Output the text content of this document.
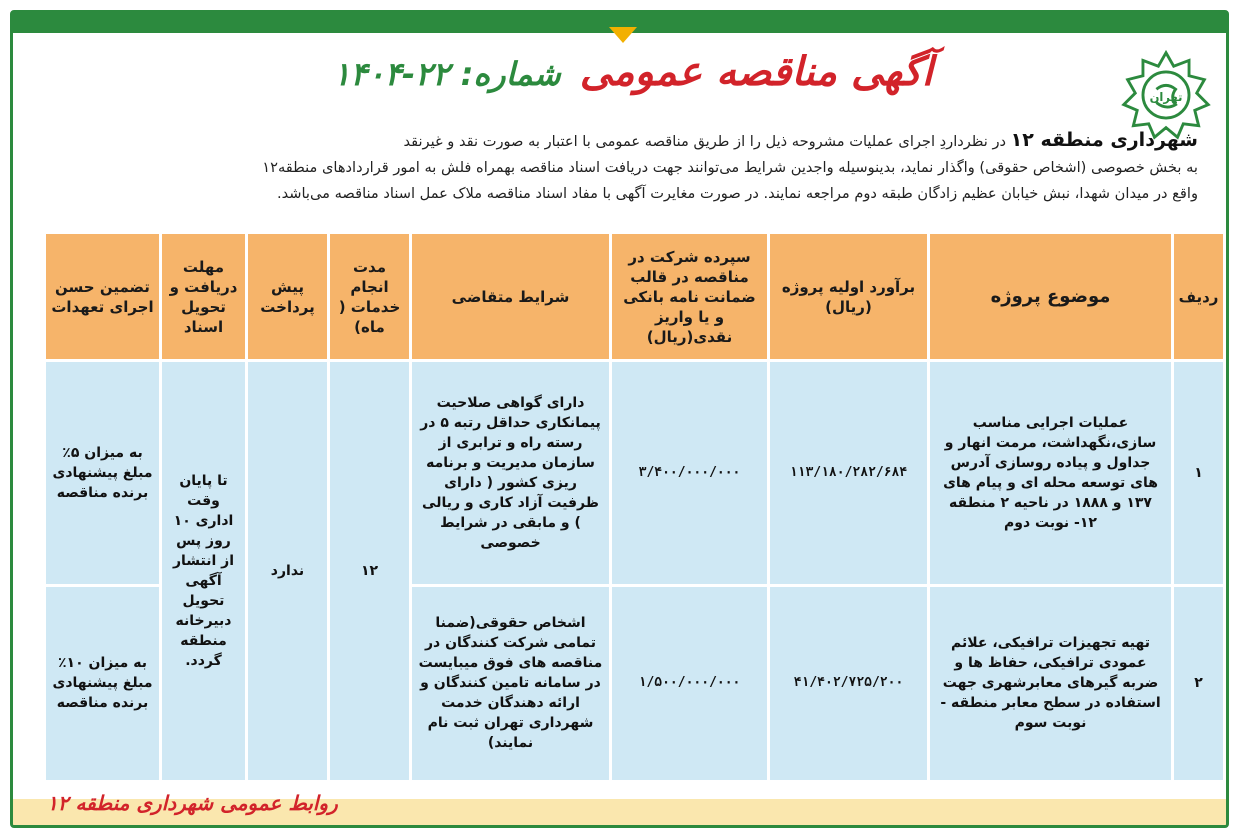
تهران
آگهی مناقصه عمومی شماره: ۲۲-۱۴۰۴
شهرداری منطقه ۱۲ در نظرداردِ اجرای عملیات مشروحه ذیل را از طریق مناقصه عمومی با اعتبار به صورت نقد و غیرنقد
به بخش خصوصی (اشخاص حقوقی) واگذار نماید، بدینوسیله واجدین شرایط می‌توانند جهت دریافت اسناد مناقصه بهمراه فلش به امور قراردادهای منطقه۱۲
واقع در میدان شهدا، نبش خیابان عظیم زادگان طبقه دوم مراجعه نمایند. در صورت مغایرت آگهی با مفاد اسناد مناقصه ملاک عمل اسناد مناقصه می‌باشد.
ردیف	موضوع پروژه	برآورد اولیه پروژه (ریال)	سپرده شرکت در مناقصه در قالب ضمانت نامه بانکی و یا واریز نقدی(ریال)	شرایط متقاضی	مدت انجام خدمات ( ماه)	پیش پرداخت	مهلت دریافت و تحویل اسناد	تضمین حسن اجرای تعهدات
۱	عملیات اجرایی مناسب سازی،نگهداشت، مرمت انهار و جداول و پیاده روسازی آدرس های توسعه محله ای و پیام های ۱۳۷ و ۱۸۸۸ در ناحیه ۲ منطقه ۱۲- نوبت دوم	۱۱۳/۱۸۰/۲۸۲/۶۸۴	۳/۴۰۰/۰۰۰/۰۰۰	دارای گواهی صلاحیت پیمانکاری حداقل رتبه ۵ در رسته راه و ترابری از سازمان مدیریت و برنامه ریزی کشور ( دارای ظرفیت آزاد کاری و ریالی ) و مابقی در شرایط خصوصی	۱۲	ندارد	تا پایان وقت اداری ۱۰ روز پس از انتشار آگهی تحویل دبیرخانه منطقه گردد.	به میزان ۵٪ مبلغ پیشنهادی برنده مناقصه
۲	تهیه تجهیزات ترافیکی، علائم عمودی ترافیکی، حفاظ ها و ضربه گیرهای معابرشهری جهت استفاده در سطح معابر منطقه - نوبت سوم	۴۱/۴۰۲/۷۲۵/۲۰۰	۱/۵۰۰/۰۰۰/۰۰۰	اشخاص حقوقی(ضمنا تمامی شرکت کنندگان در مناقصه های فوق میبایست در سامانه تامین کنندگان و ارائه دهندگان خدمت شهرداری تهران ثبت نام نمایند)				به میزان ۱۰٪ مبلغ پیشنهادی برنده مناقصه
روابط عمومی شهرداری منطقه ۱۲
